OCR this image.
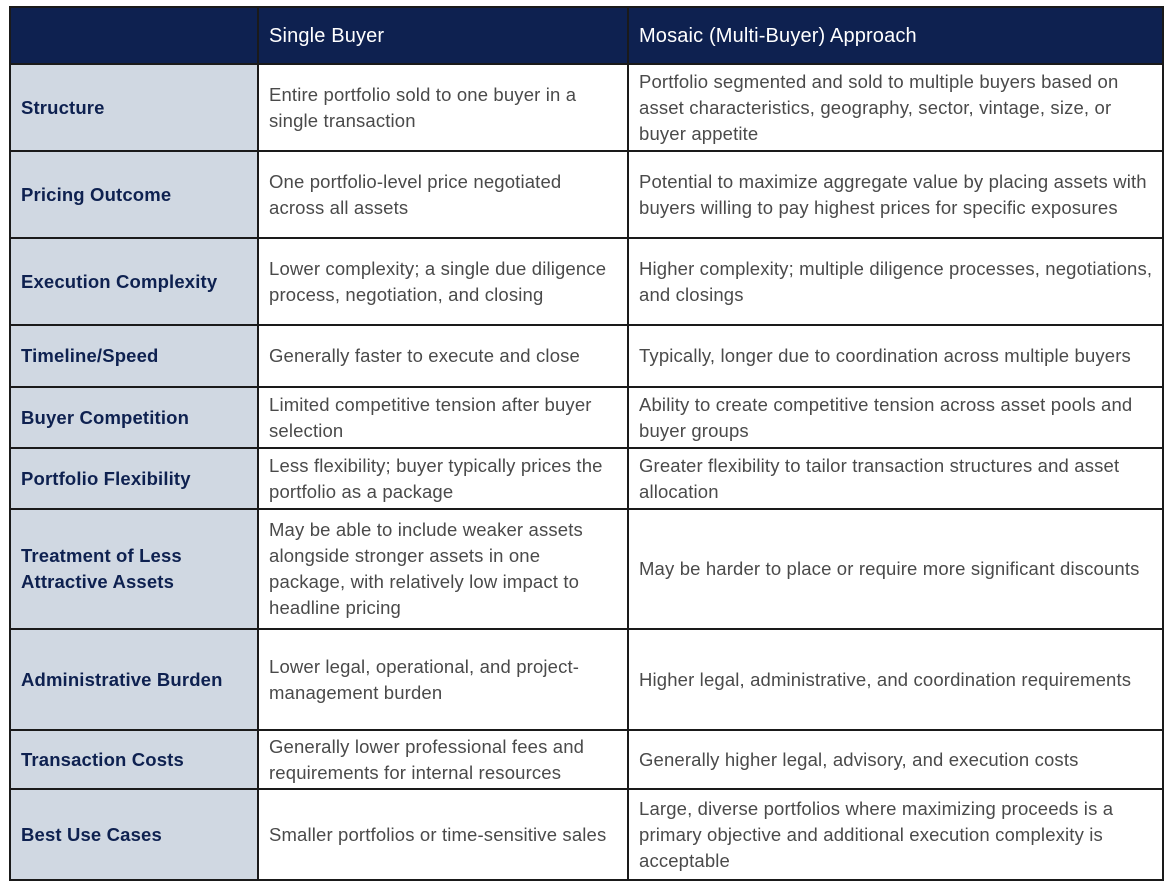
	Single Buyer	Mosaic (Multi-Buyer) Approach
Structure	Entire portfolio sold to one buyer in a single transaction	Portfolio segmented and sold to multiple buyers based on asset characteristics, geography, sector, vintage, size, or buyer appetite
Pricing Outcome	One portfolio-level price negotiated across all assets	Potential to maximize aggregate value by placing assets with buyers willing to pay highest prices for specific exposures
Execution Complexity	Lower complexity; a single due diligence process, negotiation, and closing	Higher complexity; multiple diligence processes, negotiations, and closings
Timeline/Speed	Generally faster to execute and close	Typically, longer due to coordination across multiple buyers
Buyer Competition	Limited competitive tension after buyer selection	Ability to create competitive tension across asset pools and buyer groups
Portfolio Flexibility	Less flexibility; buyer typically prices the portfolio as a package	Greater flexibility to tailor transaction structures and asset allocation
Treatment of Less Attractive Assets	May be able to include weaker assets alongside stronger assets in one package, with relatively low impact to headline pricing	May be harder to place or require more significant discounts
Administrative Burden	Lower legal, operational, and project-management burden	Higher legal, administrative, and coordination requirements
Transaction Costs	Generally lower professional fees and requirements for internal resources	Generally higher legal, advisory, and execution costs
Best Use Cases	Smaller portfolios or time-sensitive sales	Large, diverse portfolios where maximizing proceeds is a primary objective and additional execution complexity is acceptable
